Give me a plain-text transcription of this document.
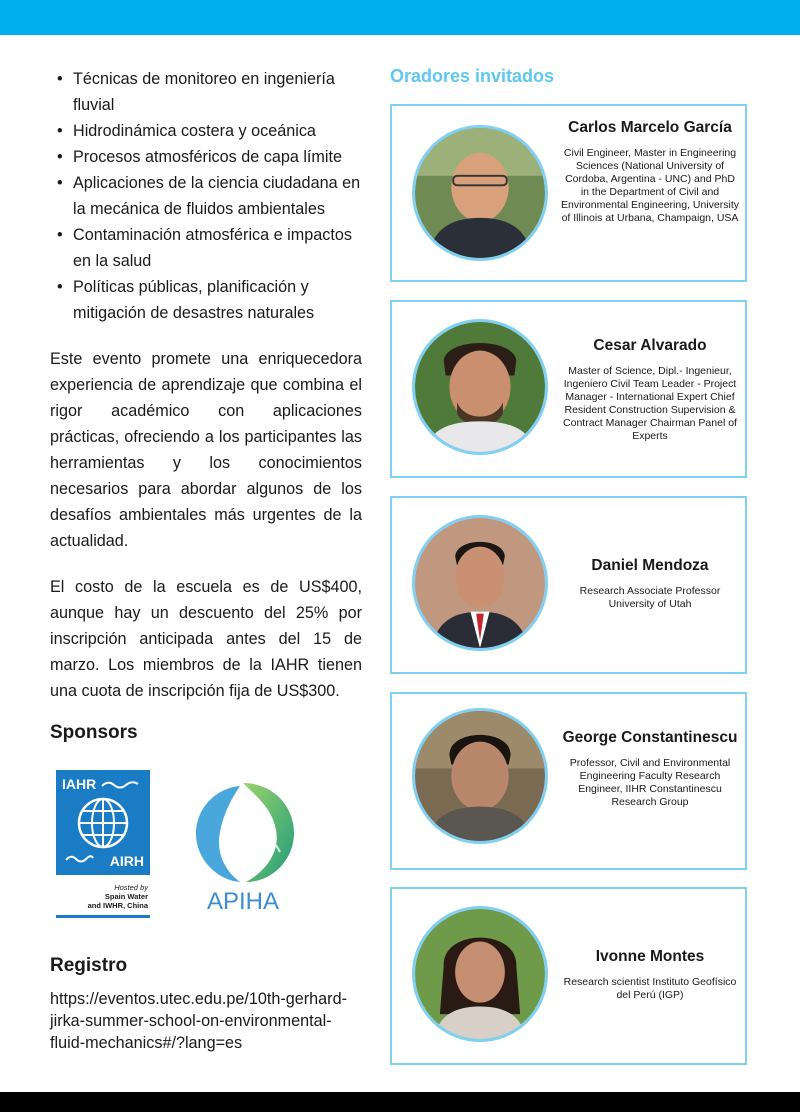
• Técnicas de monitoreo en ingeniería fluvial
• Hidrodinámica costera y oceánica
• Procesos atmosféricos de capa límite
• Aplicaciones de la ciencia ciudadana en la mecánica de fluidos ambientales
• Contaminación atmosférica e impactos en la salud
• Políticas públicas, planificación y mitigación de desastres naturales

Este evento promete una enriquecedora experiencia de aprendizaje que combina el rigor académico con aplicaciones prácticas, ofreciendo a los participantes las herramientas y los conocimientos necesarios para abordar algunos de los desafíos ambientales más urgentes de la actualidad.

El costo de la escuela es de US$400, aunque hay un descuento del 25% por inscripción anticipada antes del 15 de marzo. Los miembros de la IAHR tienen una cuota de inscripción fija de US$300.

Sponsors
IAHR
AIRH
Hosted by
Spain Water
and IWHR, China	APIHA
Registro

https://eventos.utec.edu.pe/10th-gerhard-jirka-summer-school-on-environmental-fluid-mechanics#/?lang=es

Oradores invitados

Carlos Marcelo García

Civil Engineer, Master in Engineering Sciences (National University of Cordoba, Argentina - UNC) and PhD in the Department of Civil and Environmental Engineering, University of Illinois at Urbana, Champaign, USA

Cesar Alvarado

Master of Science, Dipl.- Ingenieur, Ingeniero Civil Team Leader - Project Manager - International Expert Chief Resident Construction Supervision & Contract Manager Chairman Panel of Experts

Daniel Mendoza

Research Associate Professor University of Utah

George Constantinescu

Professor, Civil and Environmental Engineering Faculty Research Engineer, IIHR Constantinescu Research Group

Ivonne Montes

Research scientist Instituto Geofísico del Perú (IGP)
